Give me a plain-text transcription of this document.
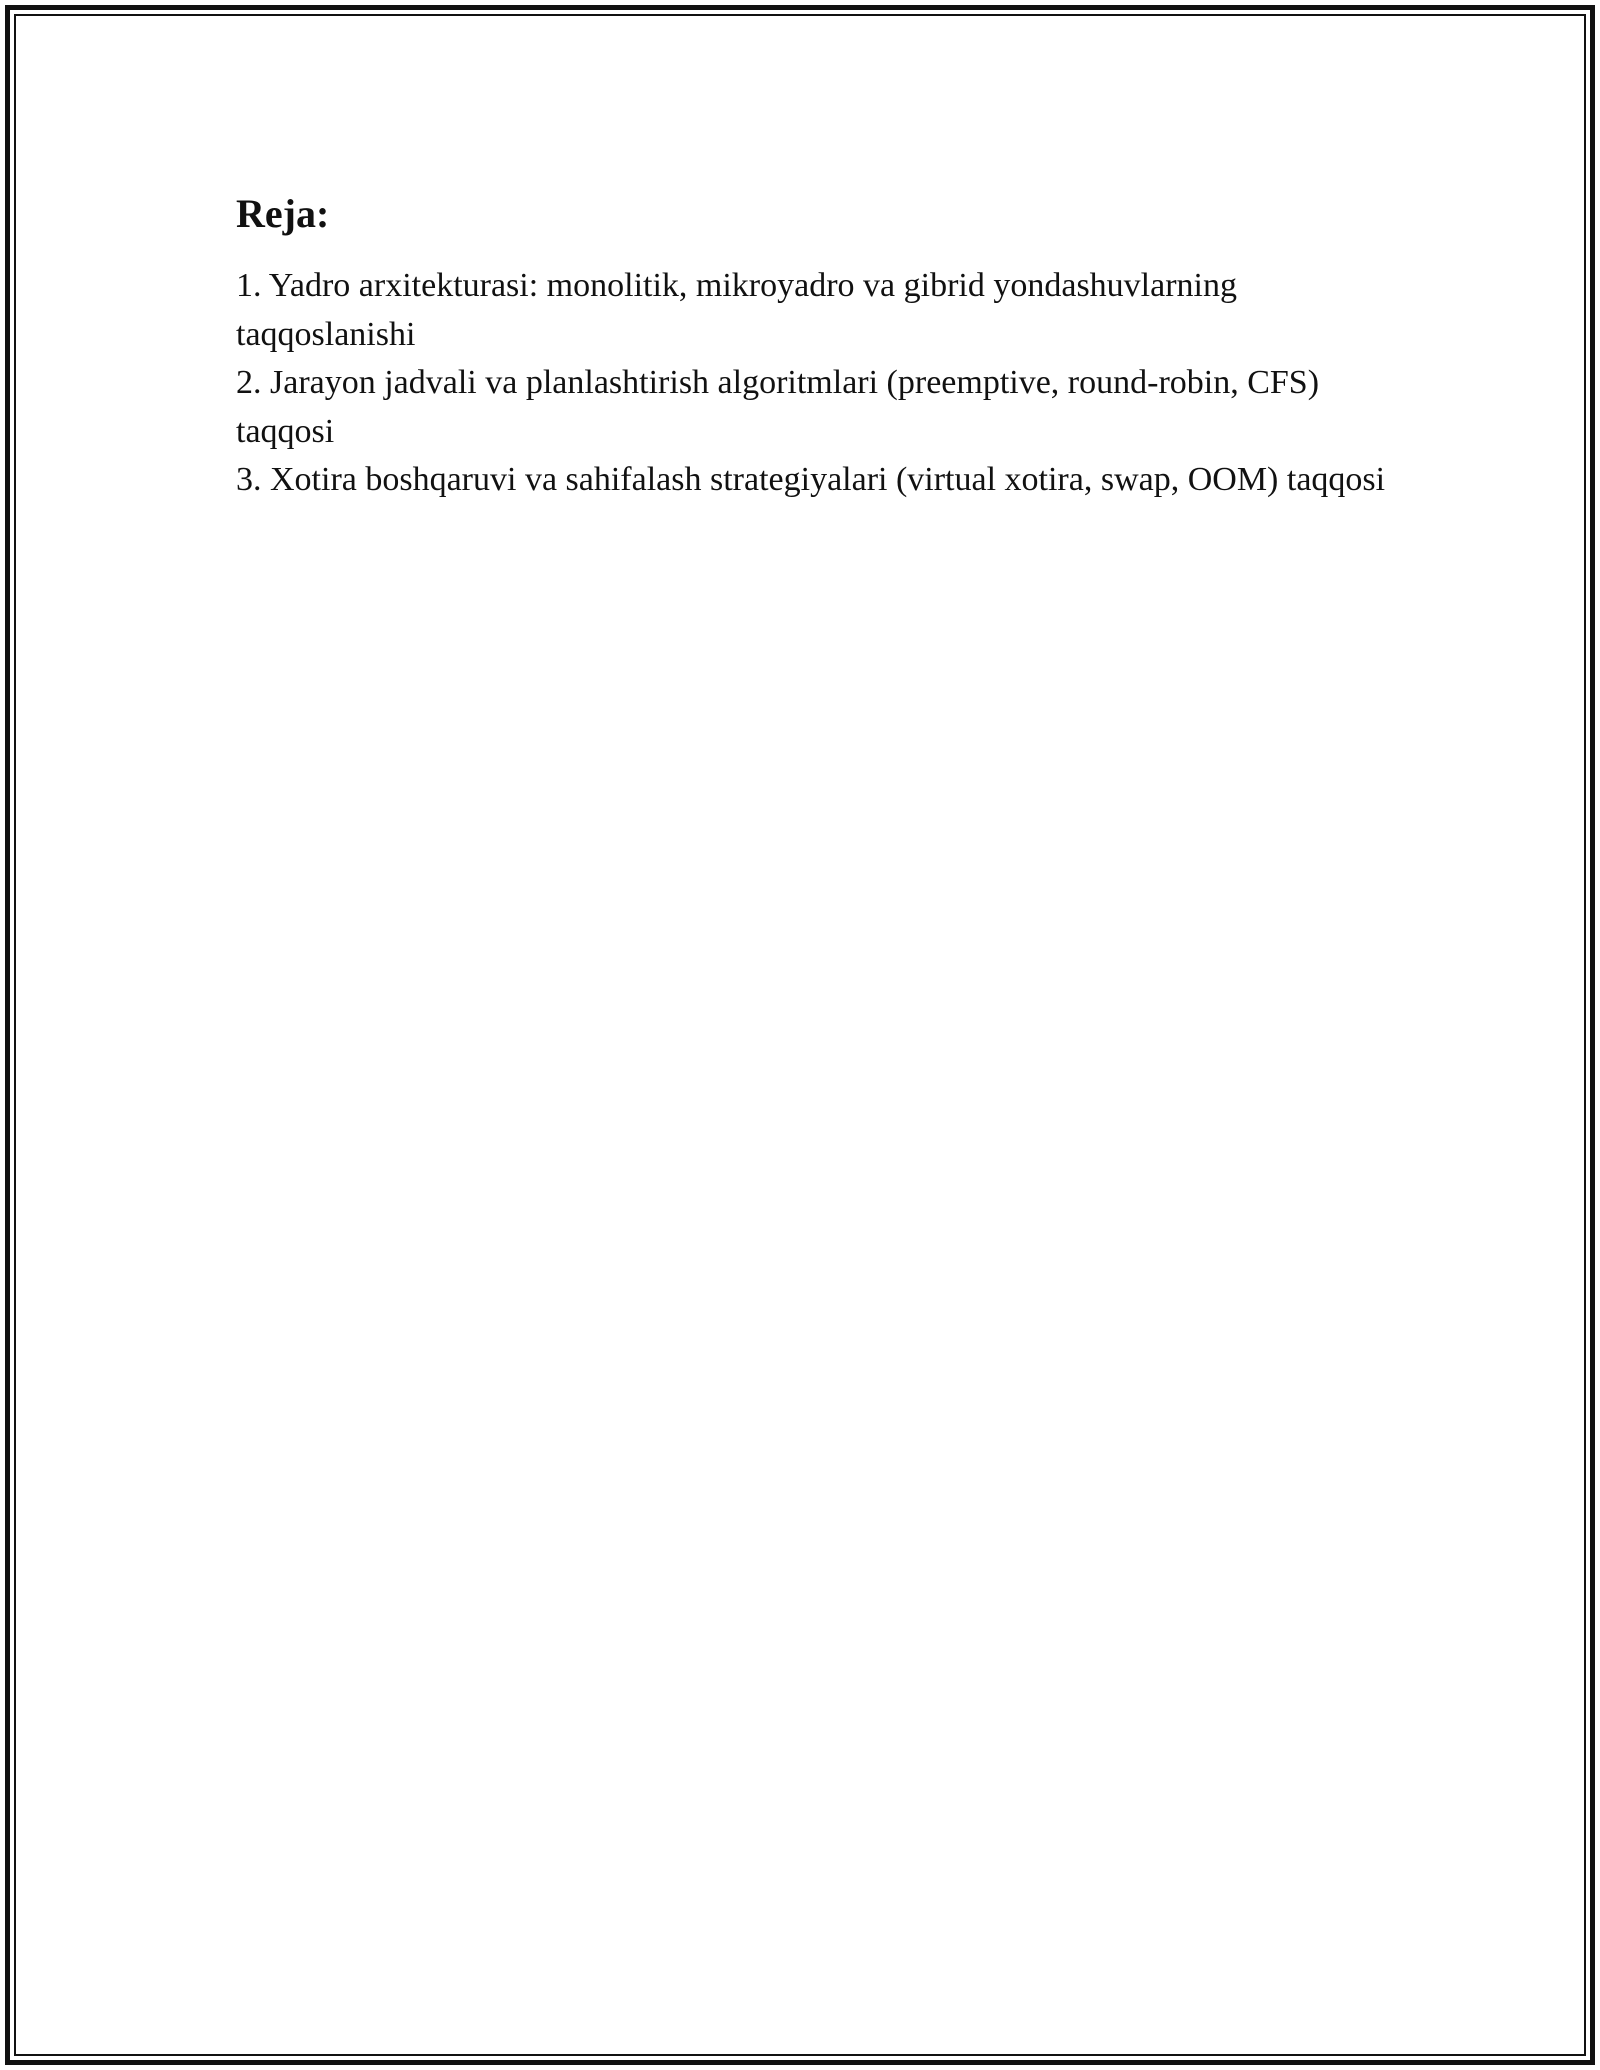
Reja:
1. Yadro arxitekturasi: monolitik, mikroyadro va gibrid yondashuvlarning taqqoslanishi
2. Jarayon jadvali va planlashtirish algoritmlari (preemptive, round-robin, CFS) taqqosi
3. Xotira boshqaruvi va sahifalash strategiyalari (virtual xotira, swap, OOM) taqqosi
